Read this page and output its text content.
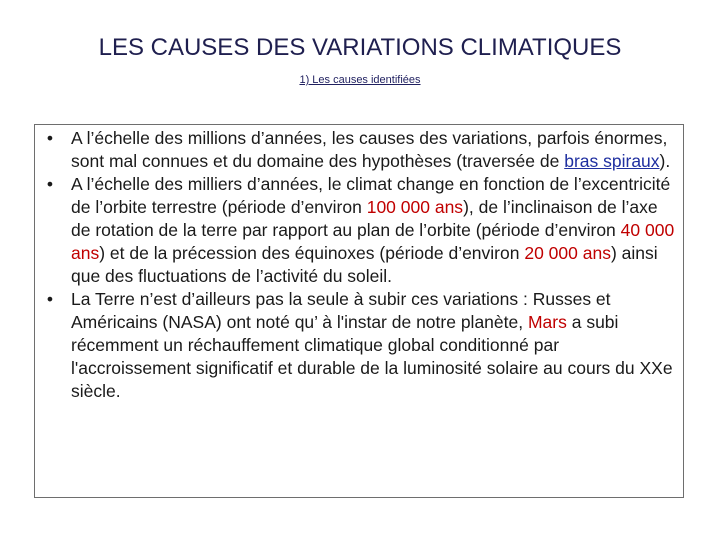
LES CAUSES DES VARIATIONS CLIMATIQUES
1) Les causes identifiées
• A l’échelle des millions d’années, les causes des variations, parfois énormes, sont mal connues et du domaine des hypothèses (traversée de bras spiraux).
• A l’échelle des milliers d’années, le climat change en fonction de l’excentricité de l’orbite terrestre (période d’environ 100 000 ans), de l’inclinaison de l’axe de rotation de la terre par rapport au plan de l’orbite (période d’environ 40 000 ans) et de la précession des équinoxes (période d’environ 20 000 ans) ainsi que des fluctuations de l’activité du soleil.
• La Terre n’est d’ailleurs pas la seule à subir ces variations : Russes et Américains (NASA) ont noté qu’ à l'instar de notre planète, Mars a subi récemment un réchauffement climatique global conditionné par l'accroissement significatif et durable de la luminosité solaire au cours du XXe siècle.
